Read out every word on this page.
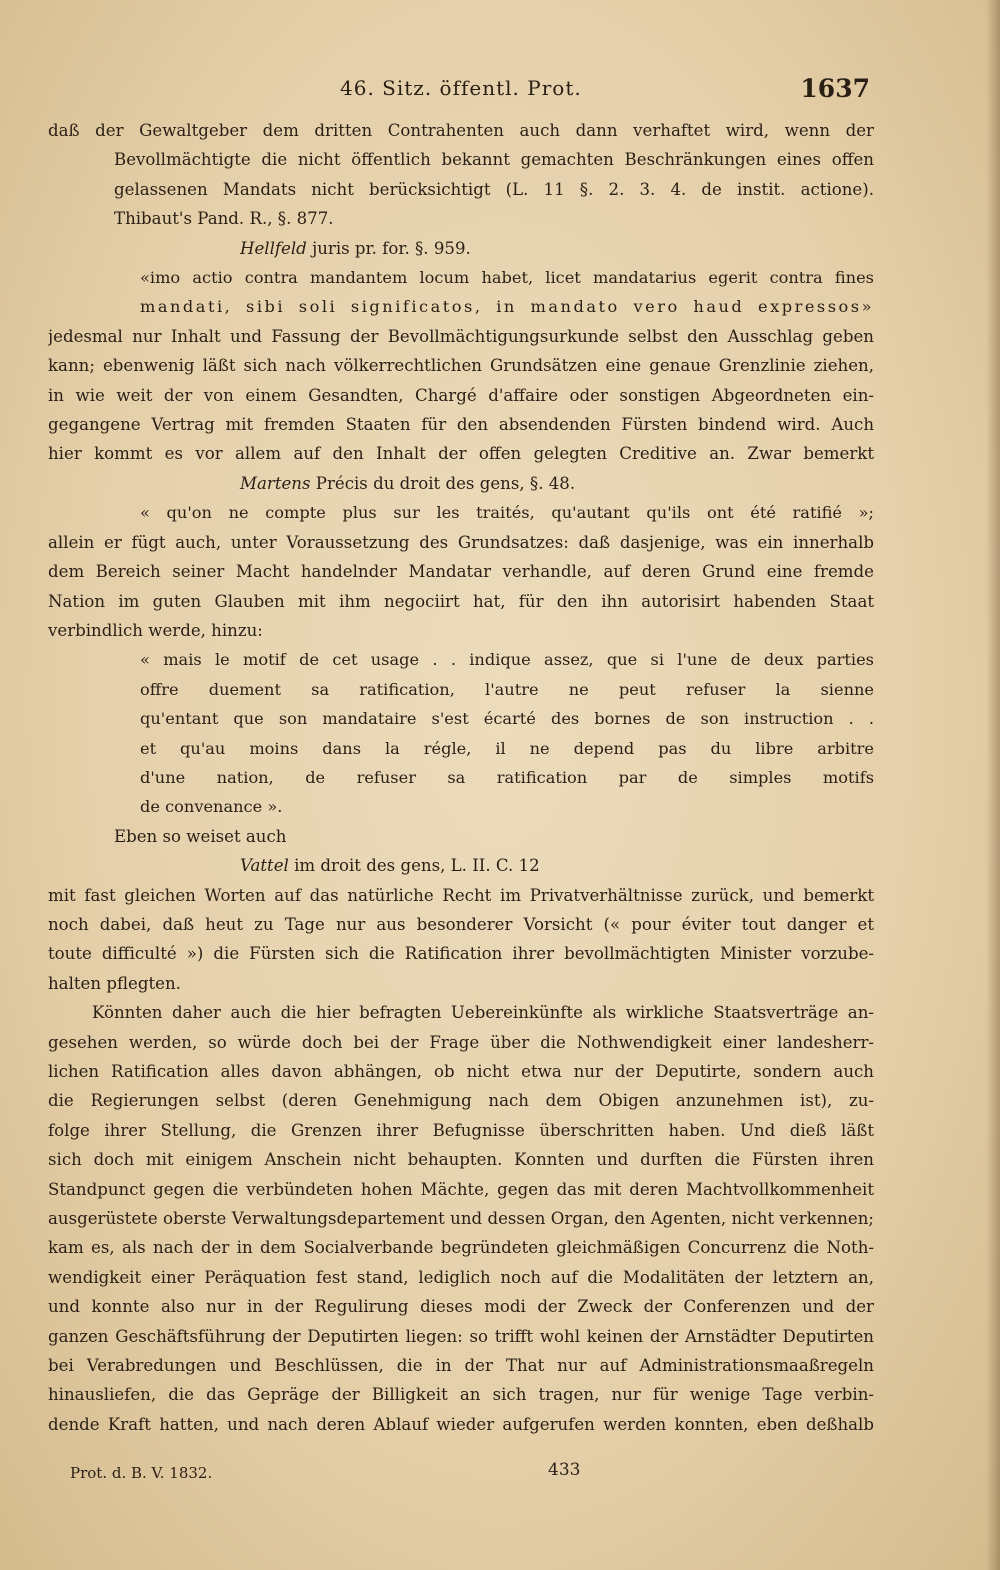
46. Sitz. öffentl. Prot.	1637
daß der Gewaltgeber dem dritten Contrahenten auch dann verhaftet wird, wenn der
Bevollmächtigte die nicht öffentlich bekannt gemachten Beschränkungen eines offen
gelassenen Mandats nicht berücksichtigt (L. 11 §. 2. 3. 4. de instit. actione).
Thibaut's Pand. R., §. 877.
Hellfeld juris pr. for. §. 959.
«imo actio contra mandantem locum habet, licet mandatarius egerit contra fines
mandati, sibi soli significatos, in mandato vero haud expressos»
jedesmal nur Inhalt und Fassung der Bevollmächtigungsurkunde selbst den Ausschlag geben
kann; ebenwenig läßt sich nach völkerrechtlichen Grundsätzen eine genaue Grenzlinie ziehen,
in wie weit der von einem Gesandten, Chargé d'affaire oder sonstigen Abgeordneten ein-
gegangene Vertrag mit fremden Staaten für den absendenden Fürsten bindend wird. Auch
hier kommt es vor allem auf den Inhalt der offen gelegten Creditive an. Zwar bemerkt
Martens Précis du droit des gens, §. 48.
« qu'on ne compte plus sur les traités, qu'autant qu'ils ont été ratifié »;
allein er fügt auch, unter Voraussetzung des Grundsatzes: daß dasjenige, was ein innerhalb
dem Bereich seiner Macht handelnder Mandatar verhandle, auf deren Grund eine fremde
Nation im guten Glauben mit ihm negociirt hat, für den ihn autorisirt habenden Staat
verbindlich werde, hinzu:
« mais le motif de cet usage . . indique assez, que si l'une de deux parties
offre duement sa ratification, l'autre ne peut refuser la sienne
qu'entant que son mandataire s'est écarté des bornes de son instruction . .
et qu'au moins dans la régle, il ne depend pas du libre arbitre
d'une nation, de refuser sa ratification par de simples motifs
de convenance ».
Eben so weiset auch
Vattel im droit des gens, L. II. C. 12
mit fast gleichen Worten auf das natürliche Recht im Privatverhältnisse zurück, und bemerkt
noch dabei, daß heut zu Tage nur aus besonderer Vorsicht (« pour éviter tout danger et
toute difficulté ») die Fürsten sich die Ratification ihrer bevollmächtigten Minister vorzube-
halten pflegten.
Könnten daher auch die hier befragten Uebereinkünfte als wirkliche Staatsverträge an-
gesehen werden, so würde doch bei der Frage über die Nothwendigkeit einer landesherr-
lichen Ratification alles davon abhängen, ob nicht etwa nur der Deputirte, sondern auch
die Regierungen selbst (deren Genehmigung nach dem Obigen anzunehmen ist), zu-
folge ihrer Stellung, die Grenzen ihrer Befugnisse überschritten haben. Und dieß läßt
sich doch mit einigem Anschein nicht behaupten. Konnten und durften die Fürsten ihren
Standpunct gegen die verbündeten hohen Mächte, gegen das mit deren Machtvollkommenheit
ausgerüstete oberste Verwaltungsdepartement und dessen Organ, den Agenten, nicht verkennen;
kam es, als nach der in dem Socialverbande begründeten gleichmäßigen Concurrenz die Noth-
wendigkeit einer Peräquation fest stand, lediglich noch auf die Modalitäten der letztern an,
und konnte also nur in der Regulirung dieses modi der Zweck der Conferenzen und der
ganzen Geschäftsführung der Deputirten liegen: so trifft wohl keinen der Arnstädter Deputirten
bei Verabredungen und Beschlüssen, die in der That nur auf Administrationsmaaßregeln
hinausliefen, die das Gepräge der Billigkeit an sich tragen, nur für wenige Tage verbin-
dende Kraft hatten, und nach deren Ablauf wieder aufgerufen werden konnten, eben deßhalb
Prot. d. B. V. 1832.	433
